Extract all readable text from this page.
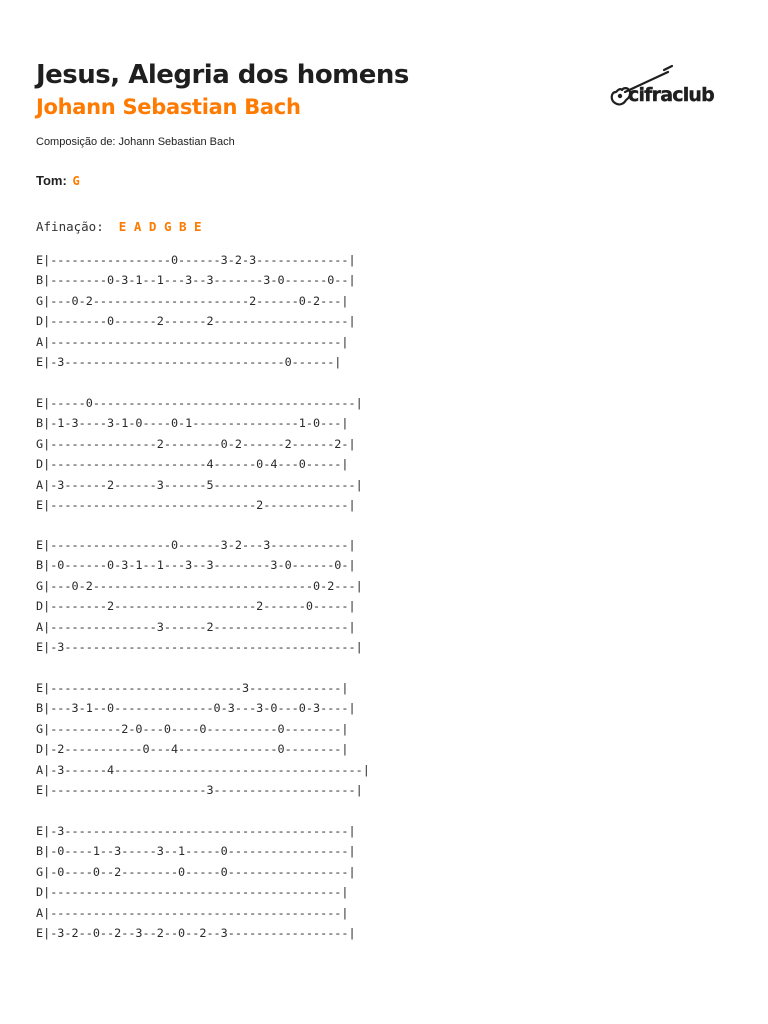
Jesus, Alegria dos homens
Johann Sebastian Bach
Composição de: Johann Sebastian Bach
Tom: G
Afinação: E A D G B E
cifraclub
E|-----------------0------3-2-3-------------|
B|--------0-3-1--1---3--3-------3-0------0--|
G|---0-2----------------------2------0-2---|
D|--------0------2------2-------------------|
A|-----------------------------------------|
E|-3-------------------------------0------|
E|-----0-------------------------------------|
B|-1-3----3-1-0----0-1---------------1-0---|
G|---------------2--------0-2------2------2-|
D|----------------------4------0-4---0-----|
A|-3------2------3------5--------------------|
E|-----------------------------2------------|
E|-----------------0------3-2---3-----------|
B|-0------0-3-1--1---3--3--------3-0------0-|
G|---0-2-------------------------------0-2---|
D|--------2--------------------2------0-----|
A|---------------3------2-------------------|
E|-3-----------------------------------------|
E|---------------------------3-------------|
B|---3-1--0--------------0-3---3-0---0-3----|
G|----------2-0---0----0----------0--------|
D|-2-----------0---4--------------0--------|
A|-3------4-----------------------------------|
E|----------------------3--------------------|
E|-3----------------------------------------|
B|-0----1--3-----3--1-----0-----------------|
G|-0----0--2--------0-----0-----------------|
D|-----------------------------------------|
A|-----------------------------------------|
E|-3-2--0--2--3--2--0--2--3-----------------|
